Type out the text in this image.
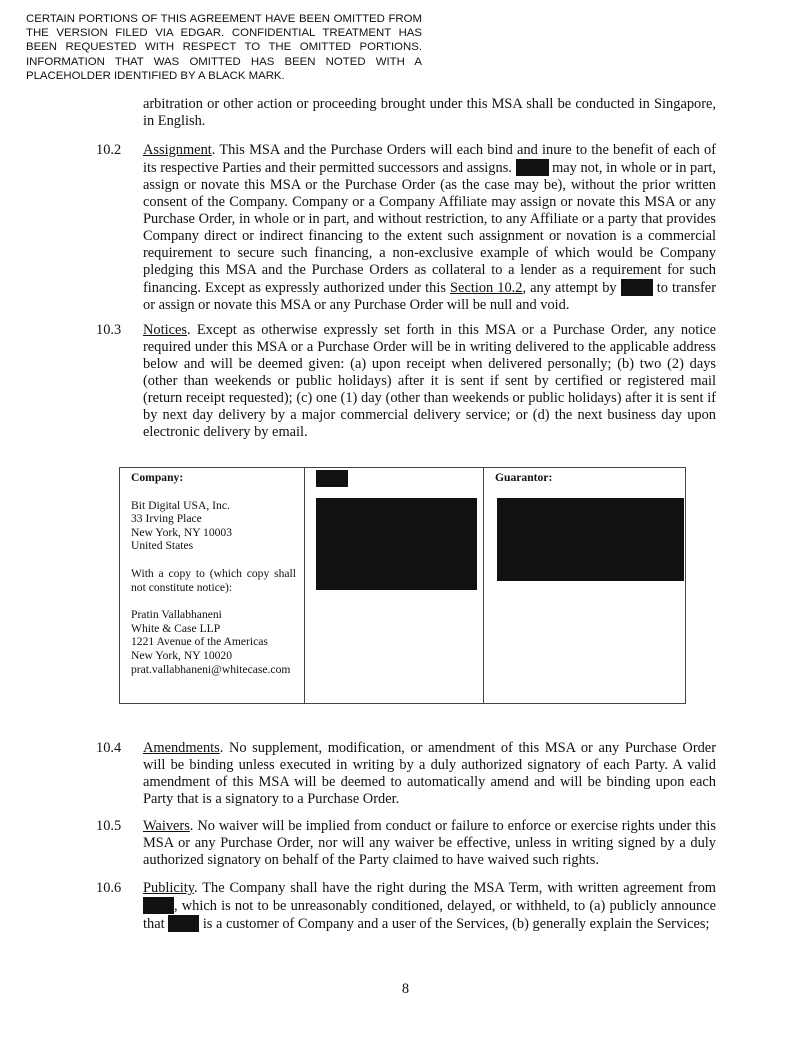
CERTAIN PORTIONS OF THIS AGREEMENT HAVE BEEN OMITTED FROM THE VERSION FILED VIA EDGAR. CONFIDENTIAL TREATMENT HAS BEEN REQUESTED WITH RESPECT TO THE OMITTED PORTIONS. INFORMATION THAT WAS OMITTED HAS BEEN NOTED WITH A PLACEHOLDER IDENTIFIED BY A BLACK MARK.
arbitration or other action or proceeding brought under this MSA shall be conducted in Singapore, in English.
10.2 Assignment. This MSA and the Purchase Orders will each bind and inure to the benefit of each of its respective Parties and their permitted successors and assigns.	may not, in whole or in part, assign or novate this MSA or the Purchase Order (as the case may be), without the prior written consent of the Company. Company or a Company Affiliate may assign or novate this MSA or any Purchase Order, in whole or in part, and without restriction, to any Affiliate or a party that provides Company direct or indirect financing to the extent such assignment or novation is a commercial requirement to secure such financing, a non-exclusive example of which would be Company pledging this MSA and the Purchase Orders as collateral to a lender as a requirement for such financing. Except as expressly authorized under this Section 10.2, any attempt by	to transfer or assign or novate this MSA or any Purchase Order will be null and void.
10.3 Notices. Except as otherwise expressly set forth in this MSA or a Purchase Order, any notice required under this MSA or a Purchase Order will be in writing delivered to the applicable address below and will be deemed given: (a) upon receipt when delivered personally; (b) two (2) days (other than weekends or public holidays) after it is sent if sent by certified or registered mail (return receipt requested); (c) one (1) day (other than weekends or public holidays) after it is sent if by next day delivery by a major commercial delivery service; or (d) the next business day upon electronic delivery by email.
Company:
Bit Digital USA, Inc.
33 Irving Place
New York, NY 10003
United States
With a copy to (which copy shall not constitute notice):
Pratin Vallabhaneni
White & Case LLP
1221 Avenue of the Americas
New York, NY 10020
prat.vallabhaneni@whitecase.com

Guarantor:
10.4 Amendments. No supplement, modification, or amendment of this MSA or any Purchase Order will be binding unless executed in writing by a duly authorized signatory of each Party. A valid amendment of this MSA will be deemed to automatically amend and will be binding upon each Party that is a signatory to a Purchase Order.
10.5 Waivers. No waiver will be implied from conduct or failure to enforce or exercise rights under this MSA or any Purchase Order, nor will any waiver be effective, unless in writing signed by a duly authorized signatory on behalf of the Party claimed to have waived such rights.
10.6 Publicity. The Company shall have the right during the MSA Term, with written agreement from , which is not to be unreasonably conditioned, delayed, or withheld, to (a) publicly announce that	is a customer of Company and a user of the Services, (b) generally explain the Services;
8
